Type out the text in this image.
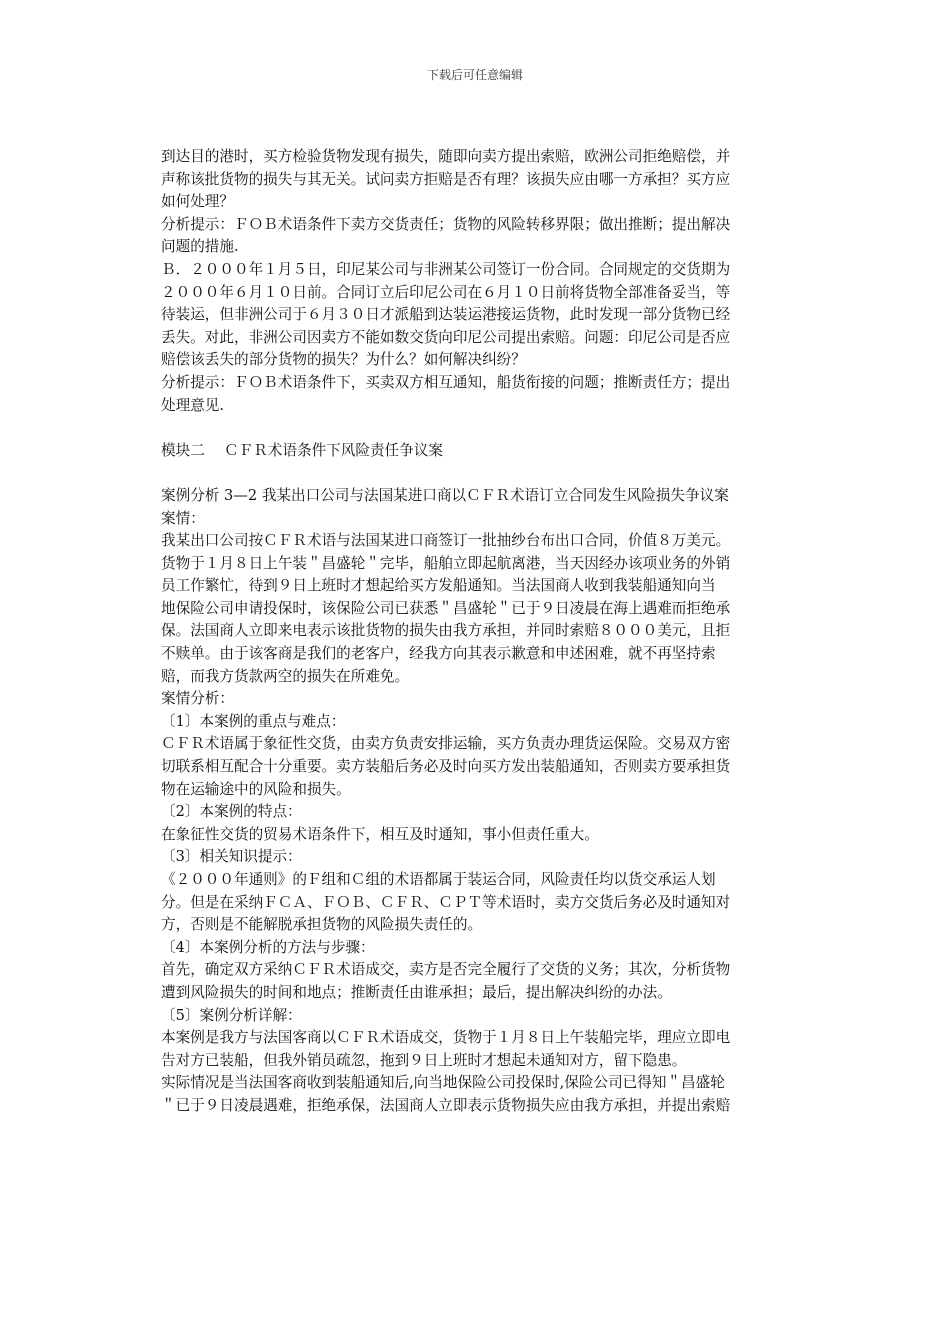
下载后可任意编辑
到达目的港时，买方检验货物发现有损失，随即向卖方提出索赔，欧洲公司拒绝赔偿，并
声称该批货物的损失与其无关。试问卖方拒赔是否有理？该损失应由哪一方承担？买方应
如何处理？
分析提示：ＦＯＢ术语条件下卖方交货责任；货物的风险转移界限；做出推断；提出解决
问题的措施.
Ｂ．２０００年１月５日，印尼某公司与非洲某公司签订一份合同。合同规定的交货期为
２０００年６月１０日前。合同订立后印尼公司在６月１０日前将货物全部准备妥当，等
待装运，但非洲公司于６月３０日才派船到达装运港接运货物，此时发现一部分货物已经
丢失。对此，非洲公司因卖方不能如数交货向印尼公司提出索赔。问题：印尼公司是否应
赔偿该丢失的部分货物的损失？为什么？如何解决纠纷？
分析提示：ＦＯＢ术语条件下，买卖双方相互通知，船货衔接的问题；推断责任方；提出
处理意见.
模块二　 ＣＦＲ术语条件下风险责任争议案
案例分析 3—2 我某出口公司与法国某进口商以ＣＦＲ术语订立合同发生风险损失争议案
案情：
我某出口公司按ＣＦＲ术语与法国某进口商签订一批抽纱台布出口合同，价值８万美元。
货物于１月８日上午装＂昌盛轮＂完毕，船舶立即起航离港，当天因经办该项业务的外销
员工作繁忙，待到９日上班时才想起给买方发船通知。当法国商人收到我装船通知向当
地保险公司申请投保时，该保险公司已获悉＂昌盛轮＂已于９日凌晨在海上遇难而拒绝承
保。法国商人立即来电表示该批货物的损失由我方承担，并同时索赔８０００美元，且拒
不赎单。由于该客商是我们的老客户，经我方向其表示歉意和申述困难，就不再坚持索
赔，而我方货款两空的损失在所难免。
案情分析：
〔1〕本案例的重点与难点：
ＣＦＲ术语属于象征性交货，由卖方负责安排运输，买方负责办理货运保险。交易双方密
切联系相互配合十分重要。卖方装船后务必及时向买方发出装船通知，否则卖方要承担货
物在运输途中的风险和损失。
〔2〕本案例的特点：
在象征性交货的贸易术语条件下，相互及时通知，事小但责任重大。
〔3〕相关知识提示：
《２０００年通则》的Ｆ组和Ｃ组的术语都属于装运合同，风险责任均以货交承运人划
分。但是在采纳ＦＣＡ、ＦＯＢ、ＣＦＲ、ＣＰＴ等术语时，卖方交货后务必及时通知对
方，否则是不能解脱承担货物的风险损失责任的。
〔4〕本案例分析的方法与步骤：
首先，确定双方采纳ＣＦＲ术语成交，卖方是否完全履行了交货的义务；其次，分析货物
遭到风险损失的时间和地点；推断责任由谁承担；最后，提出解决纠纷的办法。
〔5〕案例分析详解：
本案例是我方与法国客商以ＣＦＲ术语成交，货物于１月８日上午装船完毕，理应立即电
告对方已装船，但我外销员疏忽，拖到９日上班时才想起未通知对方，留下隐患。
实际情况是当法国客商收到装船通知后,向当地保险公司投保时,保险公司已得知＂昌盛轮
＂已于９日凌晨遇难，拒绝承保，法国商人立即表示货物损失应由我方承担，并提出索赔
